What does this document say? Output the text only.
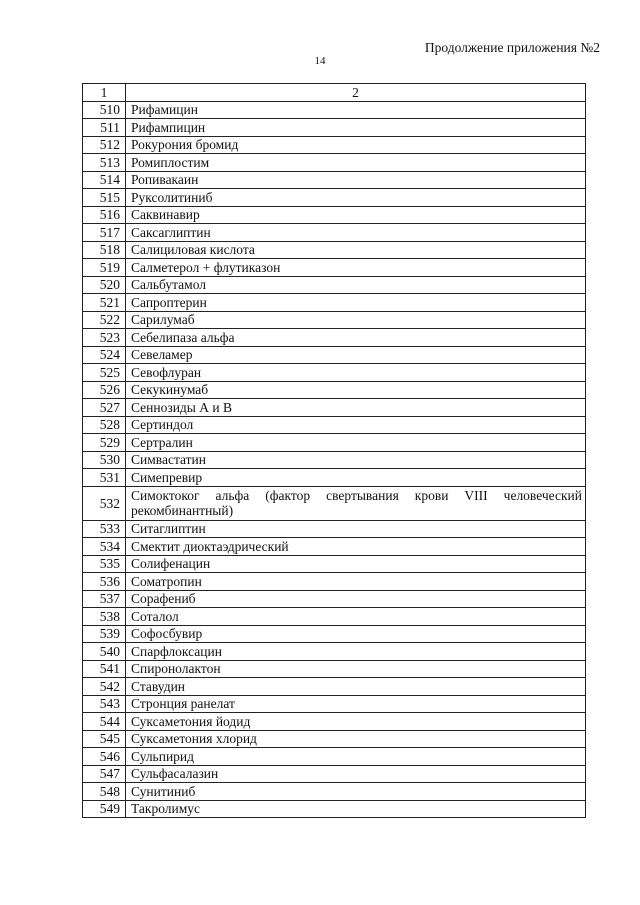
Продолжение приложения №2
14
1	2
510	Рифамицин
511	Рифампицин
512	Рокурония бромид
513	Ромиплостим
514	Ропивакаин
515	Руксолитиниб
516	Саквинавир
517	Саксаглиптин
518	Салициловая кислота
519	Салметерол + флутиказон
520	Сальбутамол
521	Сапроптерин
522	Сарилумаб
523	Себелипаза альфа
524	Севеламер
525	Севофлуран
526	Секукинумаб
527	Сеннозиды А и В
528	Сертиндол
529	Сертралин
530	Симвастатин
531	Симепревир
532	Симоктоког альфа (фактор свертывания крови VIII человеческий рекомбинантный)
533	Ситаглиптин
534	Смектит диоктаэдрический
535	Солифенацин
536	Соматропин
537	Сорафениб
538	Соталол
539	Софосбувир
540	Спарфлоксацин
541	Спиронолактон
542	Ставудин
543	Стронция ранелат
544	Суксаметония йодид
545	Суксаметония хлорид
546	Сульпирид
547	Сульфасалазин
548	Сунитиниб
549	Такролимус
